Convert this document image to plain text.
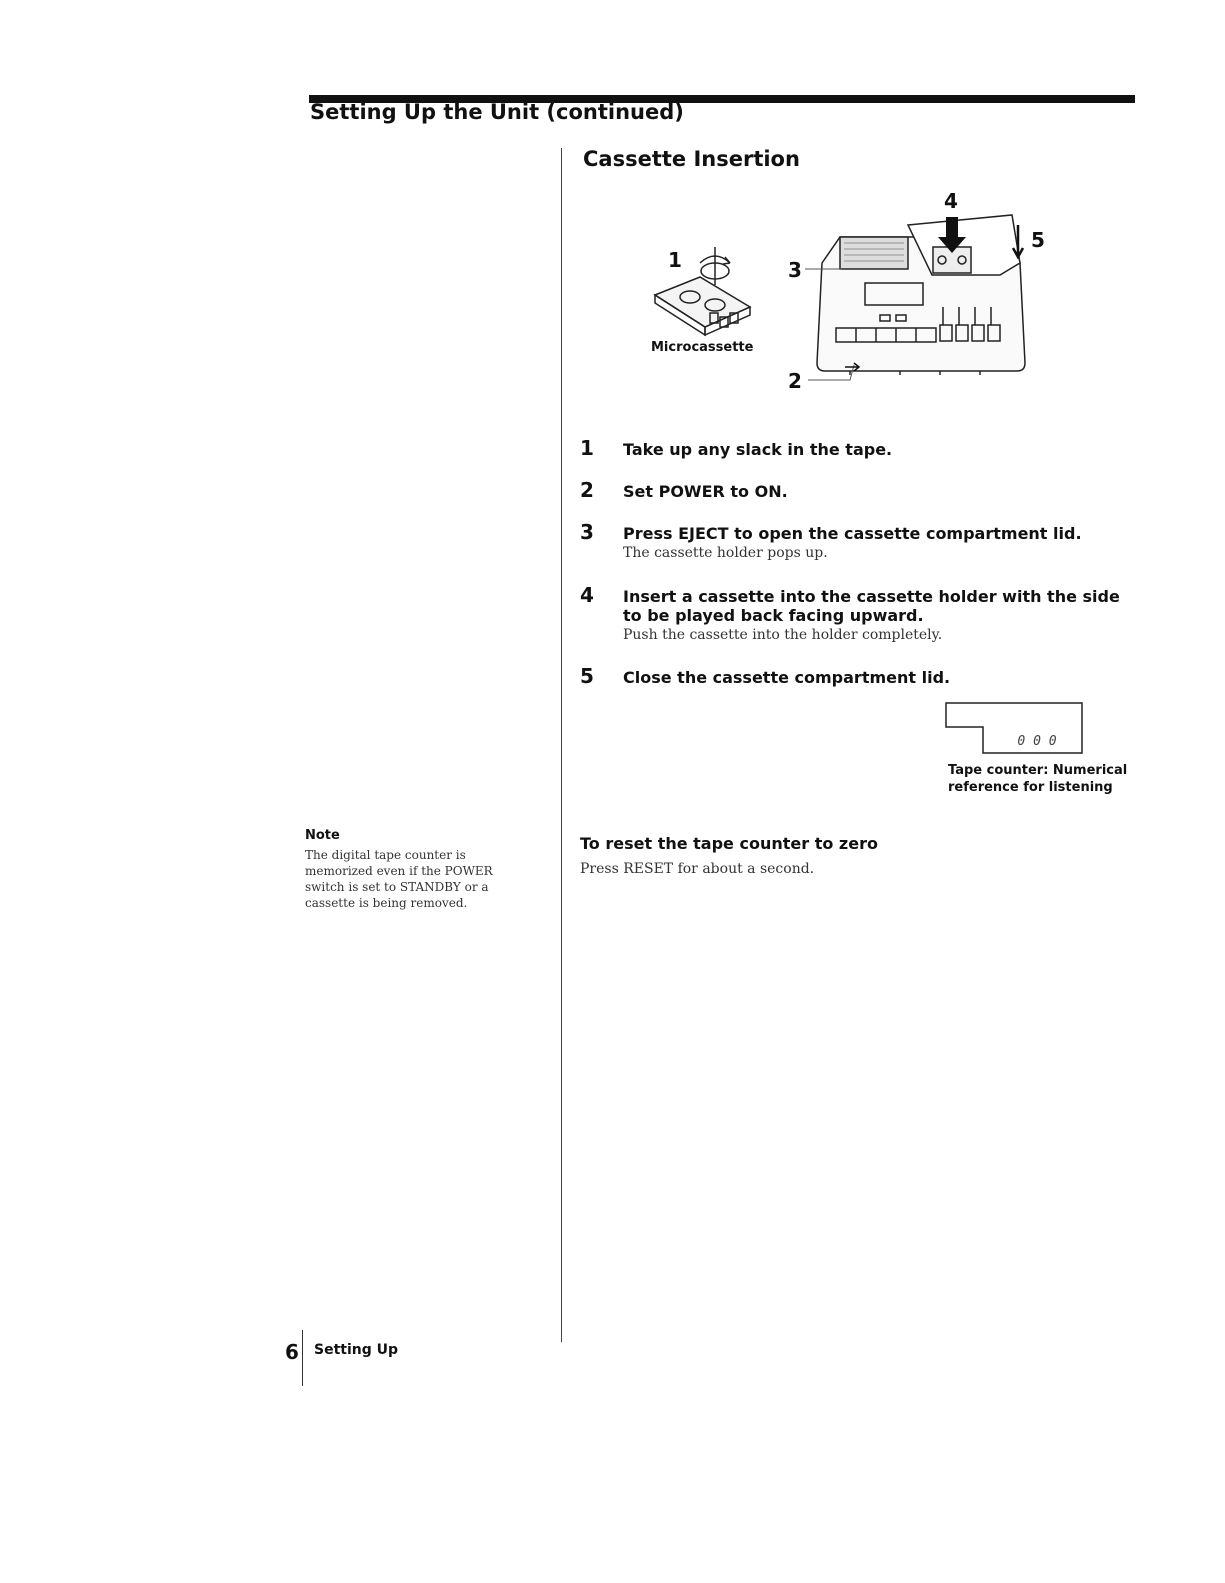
Setting Up the Unit (continued)
Cassette Insertion
1
Microcassette
4
5
3
2
1 Take up any slack in the tape.
2 Set POWER to ON.
3 Press EJECT to open the cassette compartment lid.
The cassette holder pops up.
4 Insert a cassette into the cassette holder with the side to be played back facing upward.
Push the cassette into the holder completely.
5 Close the cassette compartment lid.
0 0 0
Tape counter: Numerical reference for listening
To reset the tape counter to zero
Press RESET for about a second.
Note
The digital tape counter is memorized even if the POWER switch is set to STANDBY or a cassette is being removed.
6 Setting Up
